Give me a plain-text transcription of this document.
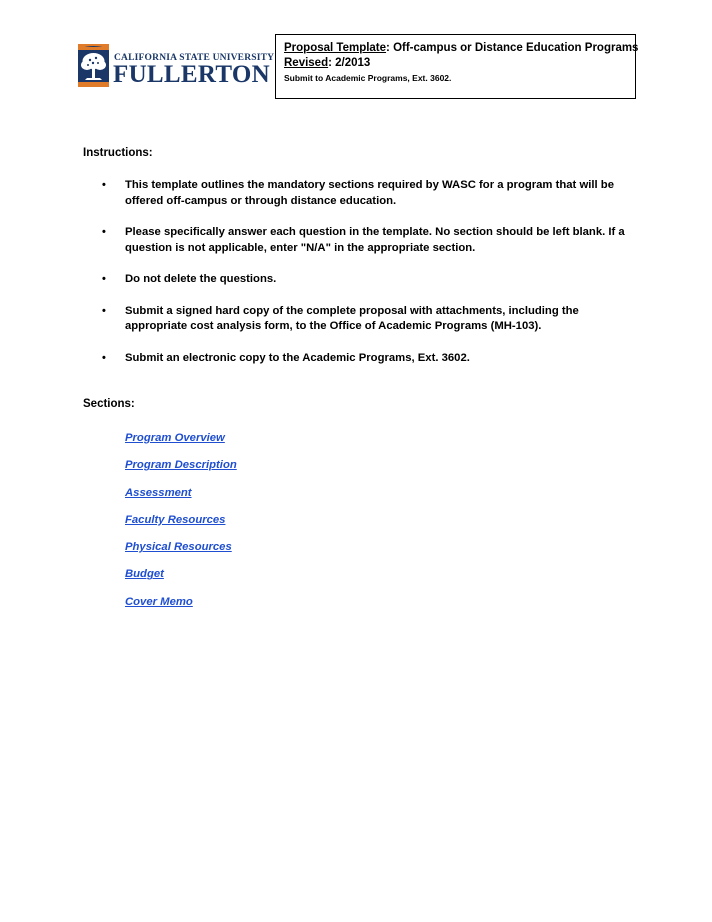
CALIFORNIA STATE UNIVERSITY
FULLERTON
Proposal Template: Off-campus or Distance Education Programs
Revised: 2/2013
Submit to Academic Programs, Ext. 3602.
Instructions:
• This template outlines the mandatory sections required by WASC for a program that will be offered off-campus or through distance education.
• Please specifically answer each question in the template. No section should be left blank. If a question is not applicable, enter "N/A" in the appropriate section.
• Do not delete the questions.
• Submit a signed hard copy of the complete proposal with attachments, including the appropriate cost analysis form, to the Office of Academic Programs (MH-103).
• Submit an electronic copy to the Academic Programs, Ext. 3602.
Sections:
Program Overview
Program Description
Assessment
Faculty Resources
Physical Resources
Budget
Cover Memo
